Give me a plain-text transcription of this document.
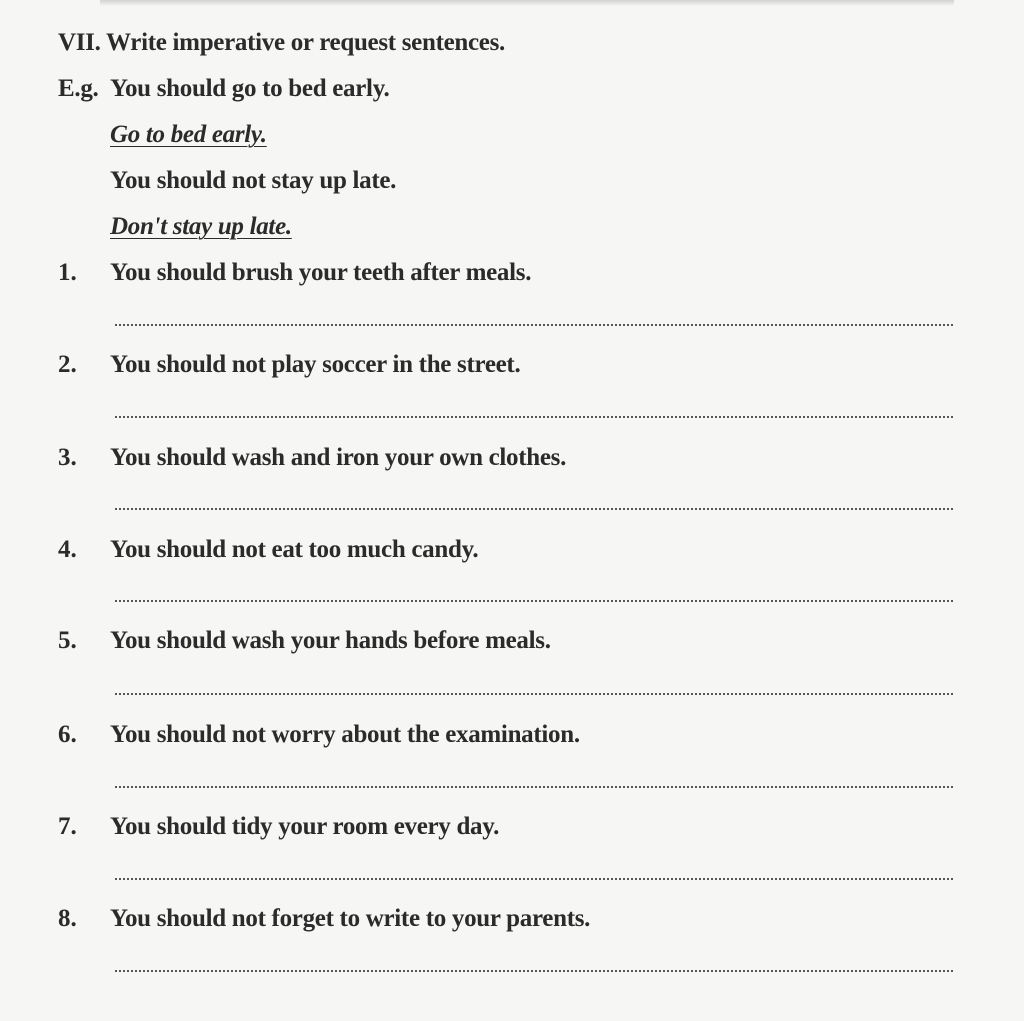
VII. Write imperative or request sentences.
E.g. You should go to bed early.
Go to bed early.
You should not stay up late.
Don't stay up late.
1. You should brush your teeth after meals.
2. You should not play soccer in the street.
3. You should wash and iron your own clothes.
4. You should not eat too much candy.
5. You should wash your hands before meals.
6. You should not worry about the examination.
7. You should tidy your room every day.
8. You should not forget to write to your parents.
